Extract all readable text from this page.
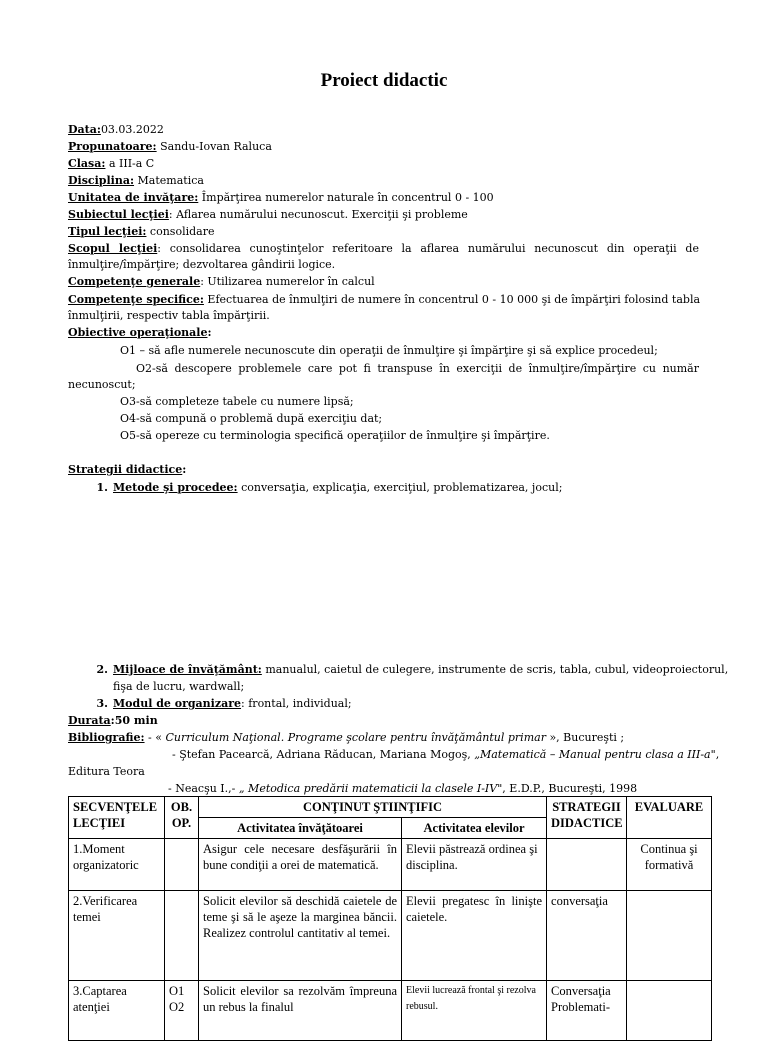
Proiect didactic
Data:03.03.2022
Propunatoare: Sandu-Iovan Raluca
Clasa: a III-a C
Disciplina: Matematica
Unitatea de invăţare: Împărţirea numerelor naturale în concentrul 0 - 100
Subiectul lecţiei: Aflarea numărului necunoscut. Exerciţii şi probleme
Tipul lecţiei: consolidare
Scopul lecţiei: consolidarea cunoştinţelor referitoare la aflarea numărului necunoscut din operaţii de
înmulţire/împărţire; dezvoltarea gândirii logice.
Competenţe generale: Utilizarea numerelor în calcul
Competenţe specifice: Efectuarea de înmulţiri de numere în concentrul 0 - 10 000 şi de împărţiri folosind tabla
înmulţirii, respectiv tabla împărţirii.
Obiective operaţionale:
O1 – să afle numerele necunoscute din operaţii de înmulţire şi împărţire şi să explice procedeul;
O2-să descopere problemele care pot fi transpuse în exerciţii de înmulţire/împărţire cu număr
necunoscut;
O3-să completeze tabele cu numere lipsă;
O4-să compună o problemă după exerciţiu dat;
O5-să opereze cu terminologia specifică operaţiilor de înmulţire şi împărţire.
Strategii didactice:
1. Metode şi procedee: conversaţia, explicaţia, exerciţiul, problematizarea, jocul;
2. Mijloace de învăţământ: manualul, caietul de culegere, instrumente de scris, tabla, cubul, videoproiectorul,
fişa de lucru, wardwall;
3. Modul de organizare: frontal, individual;
Durata:50 min
Bibliografie: - « Curriculum Naţional. Programe şcolare pentru învăţământul primar », Bucureşti ;
- Ştefan Pacearcă, Adriana Răducan, Mariana Mogoş, „Matematică – Manual pentru clasa a III-a",
Editura Teora
- Neacşu I.,- „ Metodica predării matematicii la clasele I-IV", E.D.P., Bucureşti, 1998
SECVENŢELE LECŢIEI	OB. OP.	CONŢINUT ŞTIINŢIFIC		STRATEGII DIDACTICE	EVALUARE
		Activitatea învăţătoarei	Activitatea elevilor		
1.Moment organizatoric		Asigur cele necesare desfăşurării în bune condiţii a orei de matematică.	Elevii păstrează ordinea şi disciplina.		Continua şi formativă
2.Verificarea temei		Solicit elevilor să deschidă caietele de teme şi să le aşeze la marginea băncii. Realizez controlul cantitativ al temei.	Elevii pregatesc în linişte caietele.	conversaţia	
3.Captarea atenţiei	O1 O2	Solicit elevilor sa rezolvăm împreuna un rebus la finalul	Elevii lucrează frontal şi rezolva rebusul.	Conversaţia Problemati-	
